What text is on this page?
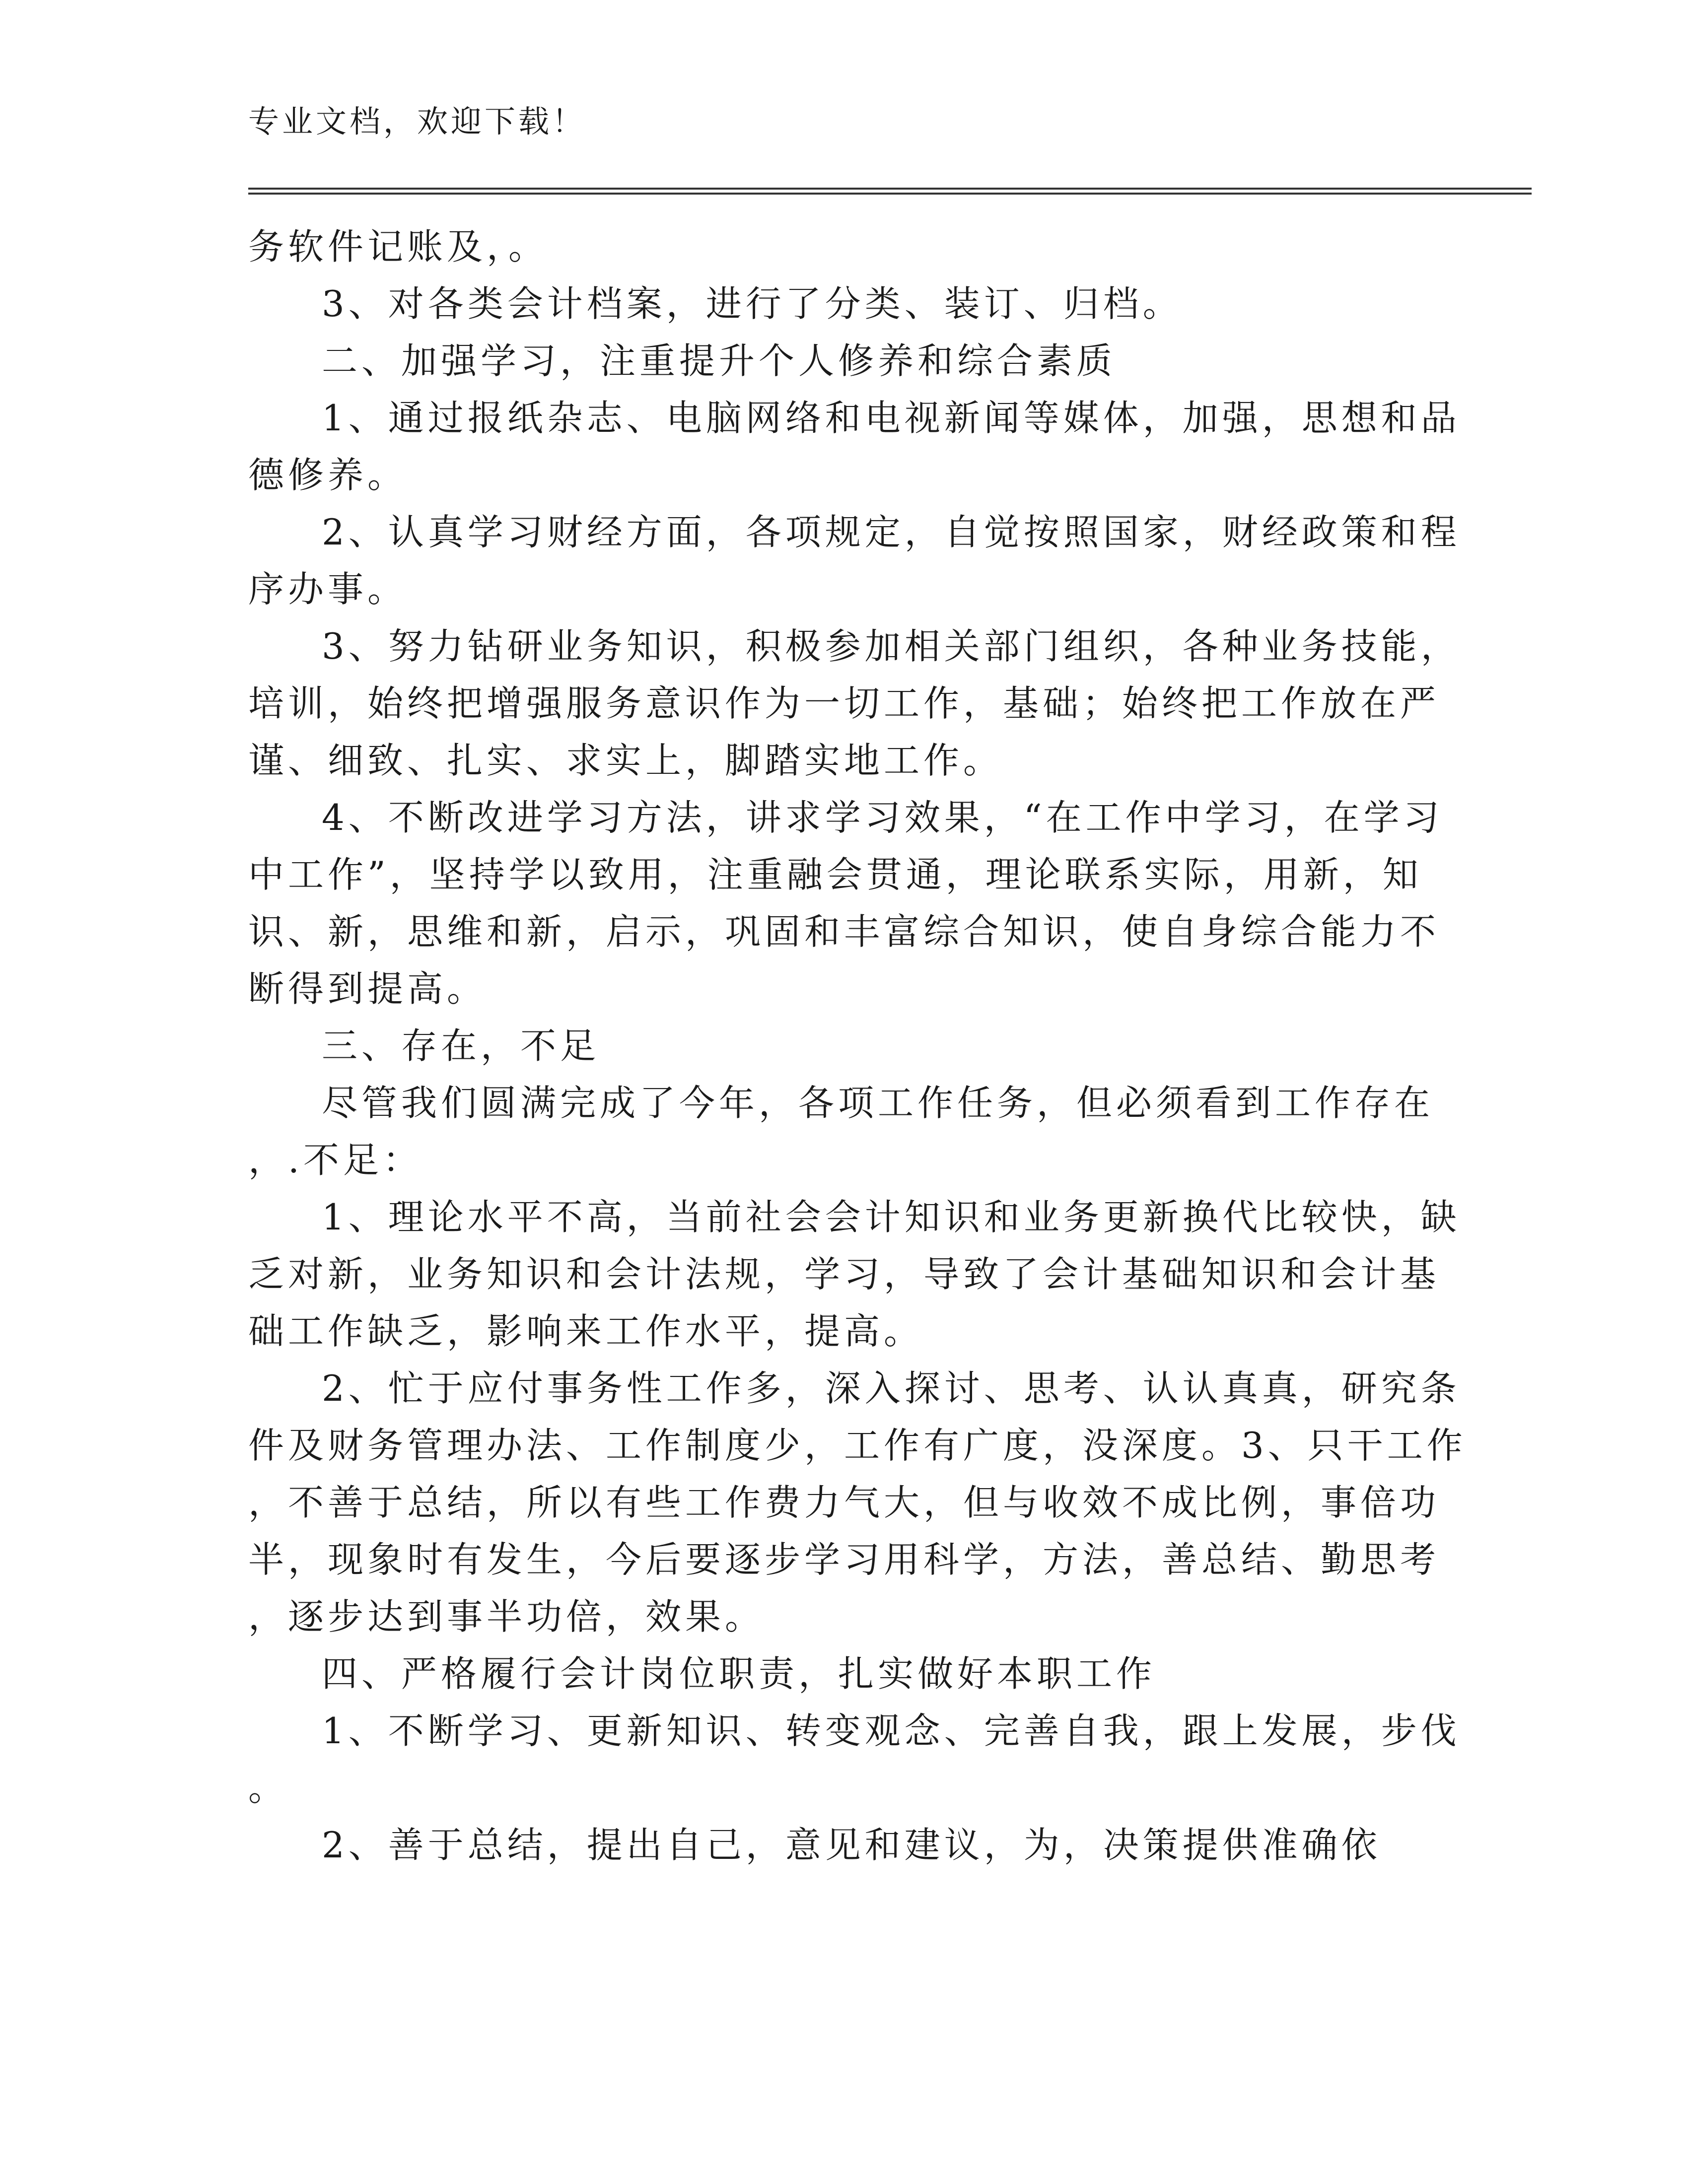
专业文档，欢迎下载！
务软件记账及，。
3、对各类会计档案，进行了分类、装订、归档。
二、加强学习，注重提升个人修养和综合素质
1、通过报纸杂志、电脑网络和电视新闻等媒体，加强，思想和品
德修养。
2、认真学习财经方面，各项规定，自觉按照国家，财经政策和程
序办事。
3、努力钻研业务知识，积极参加相关部门组织，各种业务技能，
培训，始终把增强服务意识作为一切工作，基础；始终把工作放在严
谨、细致、扎实、求实上，脚踏实地工作。
4、不断改进学习方法，讲求学习效果，“在工作中学习，在学习
中工作”，坚持学以致用，注重融会贯通，理论联系实际，用新，知
识、新，思维和新，启示，巩固和丰富综合知识，使自身综合能力不
断得到提高。
三、存在，不足
尽管我们圆满完成了今年，各项工作任务，但必须看到工作存在
，.不足：
1、理论水平不高，当前社会会计知识和业务更新换代比较快，缺
乏对新，业务知识和会计法规，学习，导致了会计基础知识和会计基
础工作缺乏，影响来工作水平，提高。
2、忙于应付事务性工作多，深入探讨、思考、认认真真，研究条
件及财务管理办法、工作制度少，工作有广度，没深度。3、只干工作
，不善于总结，所以有些工作费力气大，但与收效不成比例，事倍功
半，现象时有发生，今后要逐步学习用科学，方法，善总结、勤思考
，逐步达到事半功倍，效果。
四、严格履行会计岗位职责，扎实做好本职工作
1、不断学习、更新知识、转变观念、完善自我，跟上发展，步伐
。
2、善于总结，提出自己，意见和建议，为，决策提供准确依
